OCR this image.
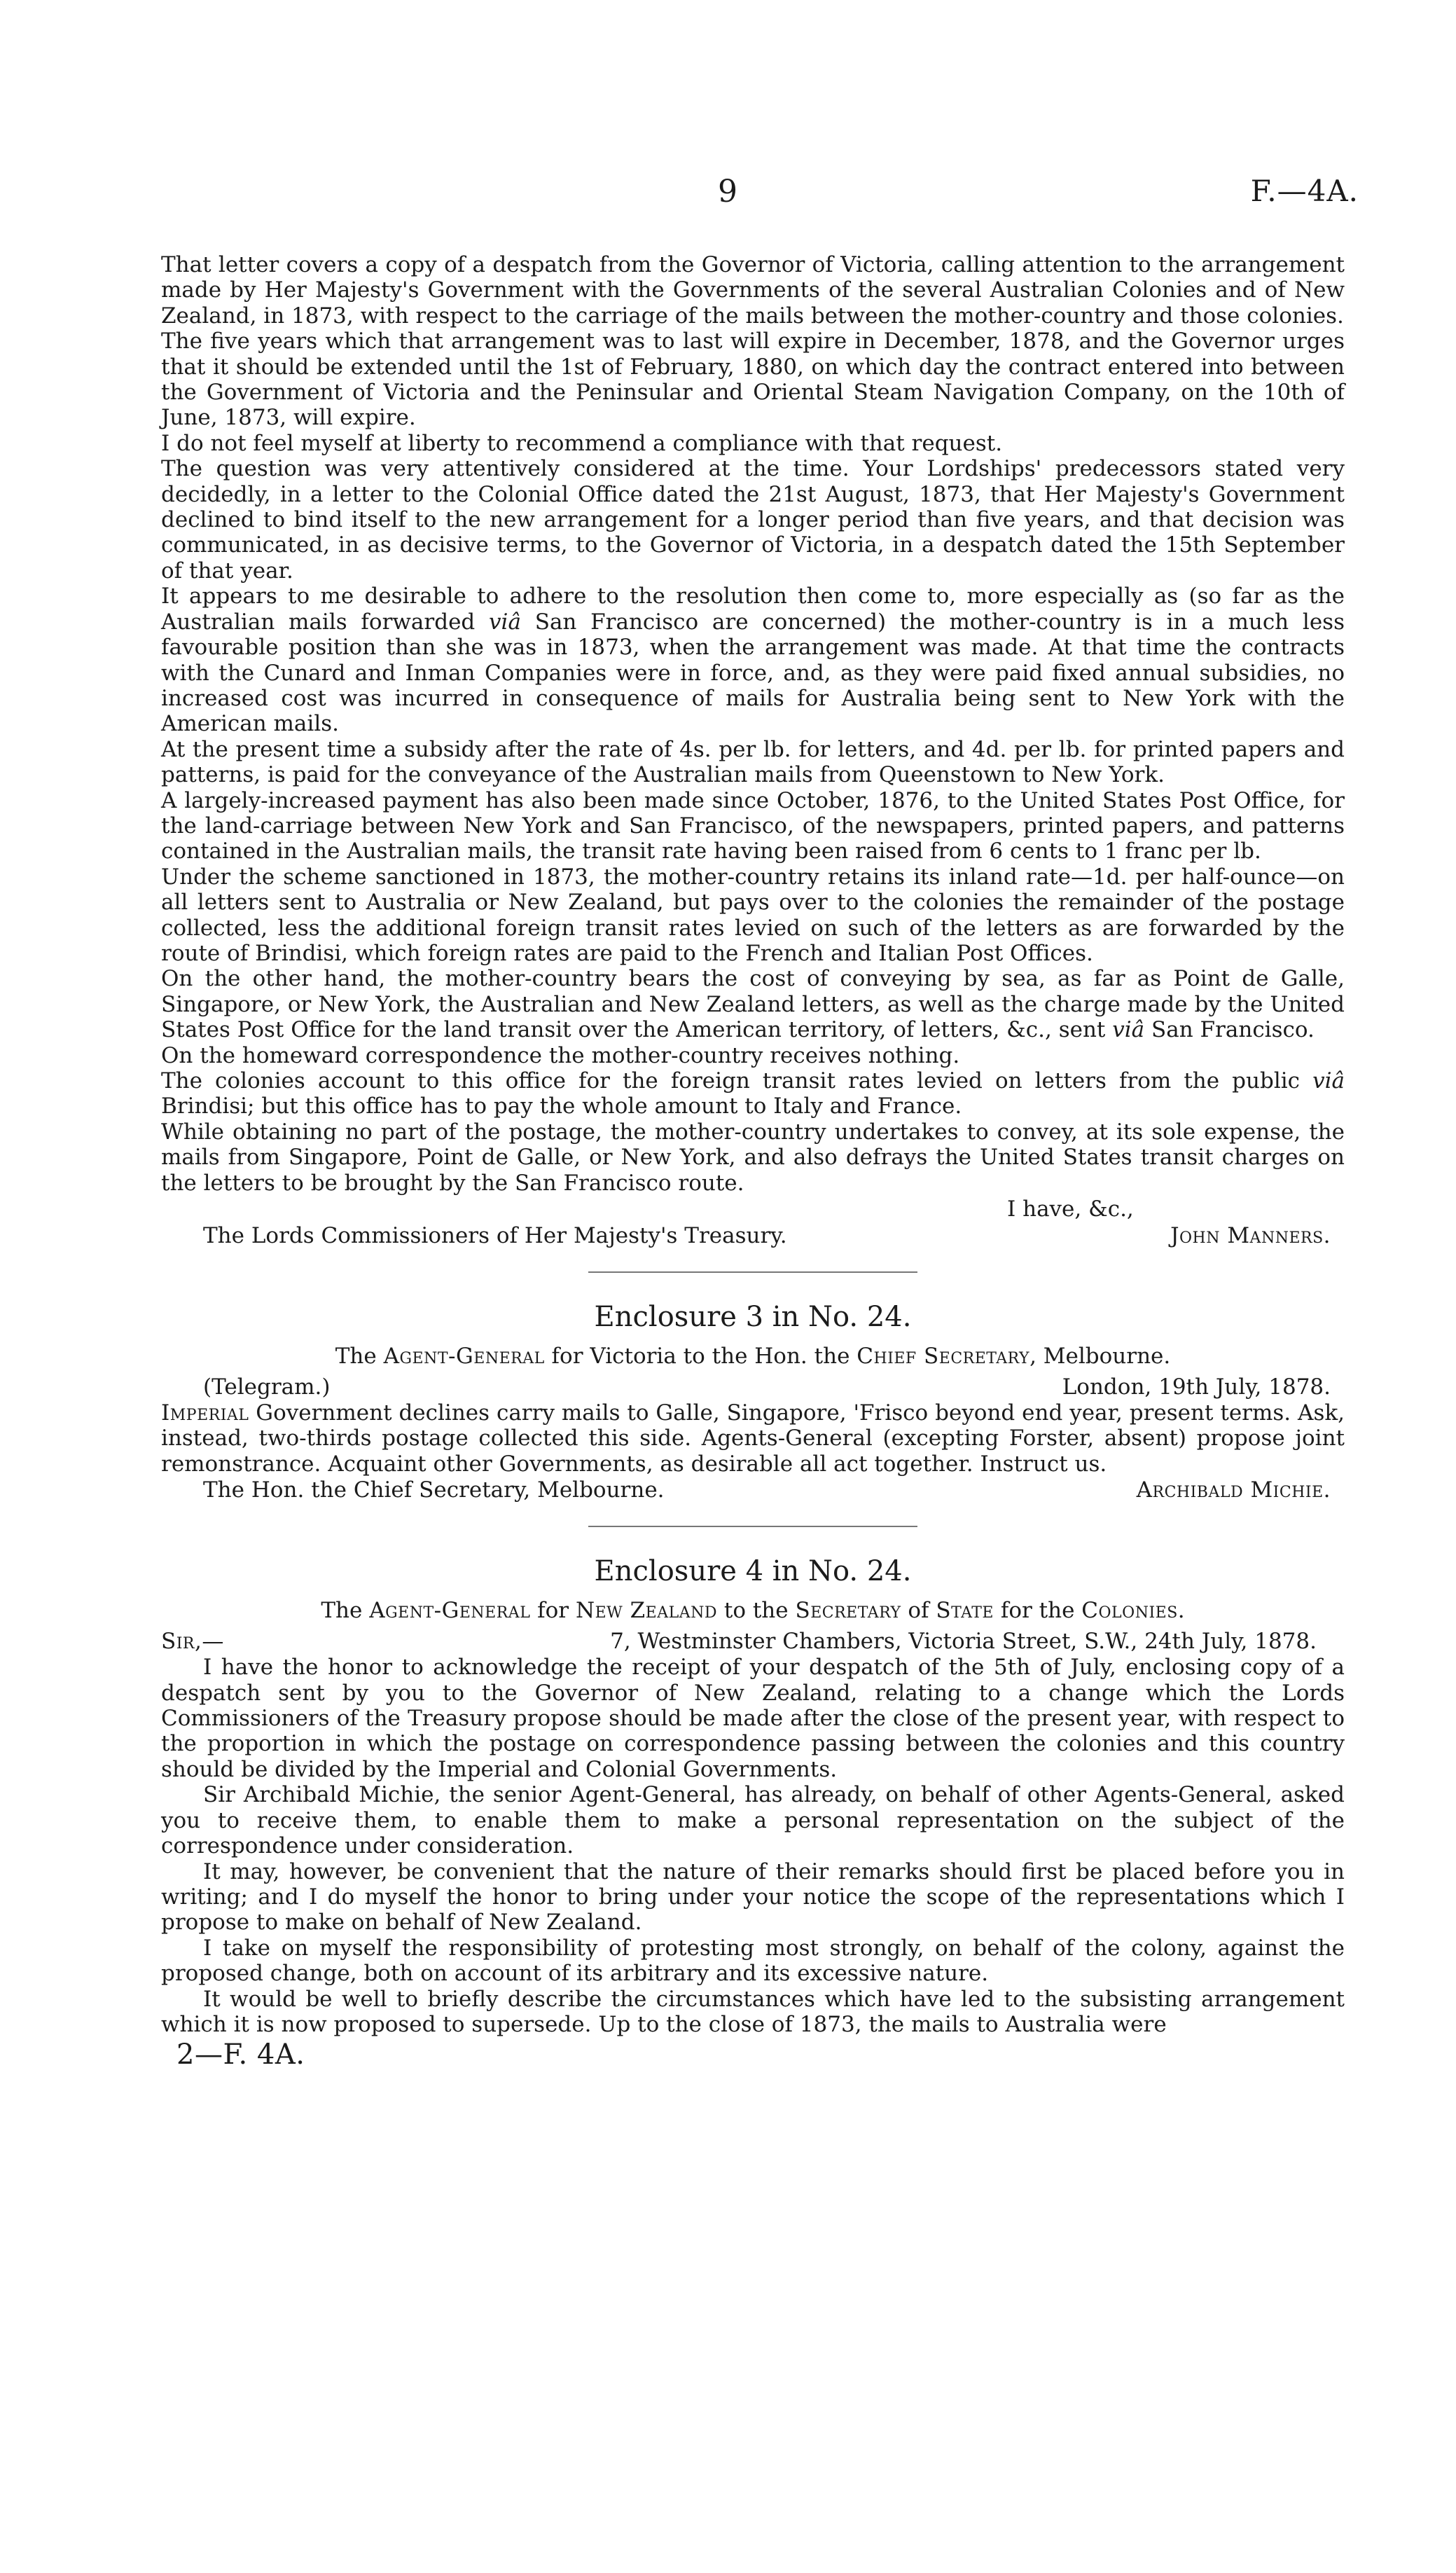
9	F.—4A.

That letter covers a copy of a despatch from the Governor of Victoria, calling attention to the arrangement made by Her Majesty's Government with the Governments of the several Australian Colonies and of New Zealand, in 1873, with respect to the carriage of the mails between the mother-country and those colonies.

The five years which that arrangement was to last will expire in December, 1878, and the Governor urges that it should be extended until the 1st of February, 1880, on which day the contract entered into between the Government of Victoria and the Peninsular and Oriental Steam Navigation Company, on the 10th of June, 1873, will expire.

I do not feel myself at liberty to recommend a compliance with that request.

The question was very attentively considered at the time. Your Lordships' predecessors stated very decidedly, in a letter to the Colonial Office dated the 21st August, 1873, that Her Majesty's Government declined to bind itself to the new arrangement for a longer period than five years, and that decision was communicated, in as decisive terms, to the Governor of Victoria, in a despatch dated the 15th September of that year.

It appears to me desirable to adhere to the resolution then come to, more especially as (so far as the Australian mails forwarded viâ San Francisco are concerned) the mother-country is in a much less favourable position than she was in 1873, when the arrangement was made. At that time the contracts with the Cunard and Inman Companies were in force, and, as they were paid fixed annual subsidies, no increased cost was incurred in consequence of mails for Australia being sent to New York with the American mails.

At the present time a subsidy after the rate of 4s. per lb. for letters, and 4d. per lb. for printed papers and patterns, is paid for the conveyance of the Australian mails from Queenstown to New York.

A largely-increased payment has also been made since October, 1876, to the United States Post Office, for the land-carriage between New York and San Francisco, of the newspapers, printed papers, and patterns contained in the Australian mails, the transit rate having been raised from 6 cents to 1 franc per lb.

Under the scheme sanctioned in 1873, the mother-country retains its inland rate—1d. per half-ounce—on all letters sent to Australia or New Zealand, but pays over to the colonies the remainder of the postage collected, less the additional foreign transit rates levied on such of the letters as are forwarded by the route of Brindisi, which foreign rates are paid to the French and Italian Post Offices.

On the other hand, the mother-country bears the cost of conveying by sea, as far as Point de Galle, Singapore, or New York, the Australian and New Zealand letters, as well as the charge made by the United States Post Office for the land transit over the American territory, of letters, &c., sent viâ San Francisco.

On the homeward correspondence the mother-country receives nothing.

The colonies account to this office for the foreign transit rates levied on letters from the public viâ Brindisi; but this office has to pay the whole amount to Italy and France.

While obtaining no part of the postage, the mother-country undertakes to convey, at its sole expense, the mails from Singapore, Point de Galle, or New York, and also defrays the United States transit charges on the letters to be brought by the San Francisco route.

I have, &c.,
The Lords Commissioners of Her Majesty's Treasury.	John Manners.
Enclosure 3 in No. 24.
The Agent-General for Victoria to the Hon. the Chief Secretary, Melbourne.
(Telegram.)	London, 19th July, 1878.

Imperial Government declines carry mails to Galle, Singapore, 'Frisco beyond end year, present terms. Ask, instead, two-thirds postage collected this side. Agents-General (excepting Forster, absent) propose joint remonstrance. Acquaint other Governments, as desirable all act together. Instruct us.

The Hon. the Chief Secretary, Melbourne.	Archibald Michie.
Enclosure 4 in No. 24.
The Agent-General for New Zealand to the Secretary of State for the Colonies.
Sir,—	7, Westminster Chambers, Victoria Street, S.W., 24th July, 1878.

I have the honor to acknowledge the receipt of your despatch of the 5th of July, enclosing copy of a despatch sent by you to the Governor of New Zealand, relating to a change which the Lords Commissioners of the Treasury propose should be made after the close of the present year, with respect to the proportion in which the postage on correspondence passing between the colonies and this country should be divided by the Imperial and Colonial Governments.

Sir Archibald Michie, the senior Agent-General, has already, on behalf of other Agents-General, asked you to receive them, to enable them to make a personal representation on the subject of the correspondence under consideration.

It may, however, be convenient that the nature of their remarks should first be placed before you in writing; and I do myself the honor to bring under your notice the scope of the representations which I propose to make on behalf of New Zealand.

I take on myself the responsibility of protesting most strongly, on behalf of the colony, against the proposed change, both on account of its arbitrary and its excessive nature.

It would be well to briefly describe the circumstances which have led to the subsisting arrangement which it is now proposed to supersede. Up to the close of 1873, the mails to Australia were

2—F. 4A.
